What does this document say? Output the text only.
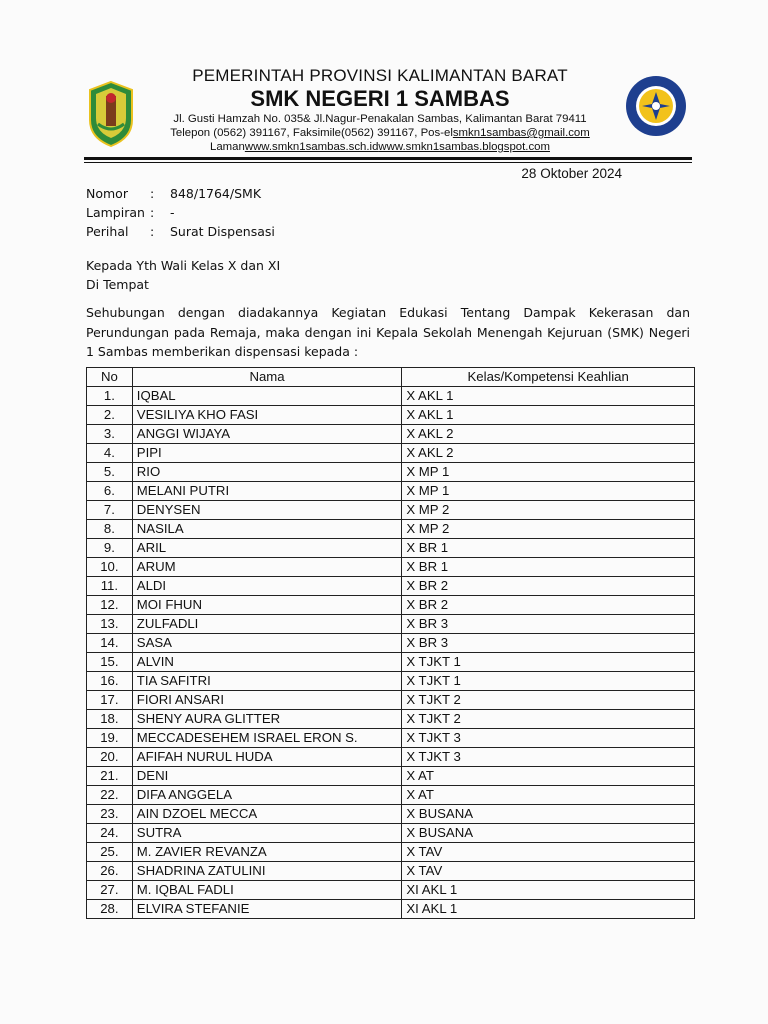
PEMERINTAH PROVINSI KALIMANTAN BARAT
SMK NEGERI 1 SAMBAS
Jl. Gusti Hamzah No. 035& Jl.Nagur-Penakalan Sambas, Kalimantan Barat 79411
Telepon (0562) 391167, Faksimile(0562) 391167, Pos-elsmkn1sambas@gmail.com
Lamanwww.smkn1sambas.sch.idwww.smkn1sambas.blogspot.com
28 Oktober 2024
Nomor	:	848/1764/SMK
Lampiran :	-
Perihal	:	Surat Dispensasi
Kepada Yth Wali Kelas X dan XI
Di Tempat
Sehubungan dengan diadakannya Kegiatan Edukasi Tentang Dampak Kekerasan dan Perundungan pada Remaja, maka dengan ini Kepala Sekolah Menengah Kejuruan (SMK) Negeri 1 Sambas memberikan dispensasi kepada :
No	Nama	Kelas/Kompetensi Keahlian
1.	IQBAL	X AKL 1
2.	VESILIYA KHO FASI	X AKL 1
3.	ANGGI WIJAYA	X AKL 2
4.	PIPI	X AKL 2
5.	RIO	X MP 1
6.	MELANI PUTRI	X MP 1
7.	DENYSEN	X MP 2
8.	NASILA	X MP 2
9.	ARIL	X BR 1
10.	ARUM	X BR 1
11.	ALDI	X BR 2
12.	MOI FHUN	X BR 2
13.	ZULFADLI	X BR 3
14.	SASA	X BR 3
15.	ALVIN	X TJKT 1
16.	TIA SAFITRI	X TJKT 1
17.	FIORI ANSARI	X TJKT 2
18.	SHENY AURA GLITTER	X TJKT 2
19.	MECCADESEHEM ISRAEL ERON S.	X TJKT 3
20.	AFIFAH NURUL HUDA	X TJKT 3
21.	DENI	X AT
22.	DIFA ANGGELA	X AT
23.	AIN DZOEL MECCA	X BUSANA
24.	SUTRA	X BUSANA
25.	M. ZAVIER REVANZA	X TAV
26.	SHADRINA ZATULINI	X TAV
27.	M. IQBAL FADLI	XI AKL 1
28.	ELVIRA STEFANIE	XI AKL 1
